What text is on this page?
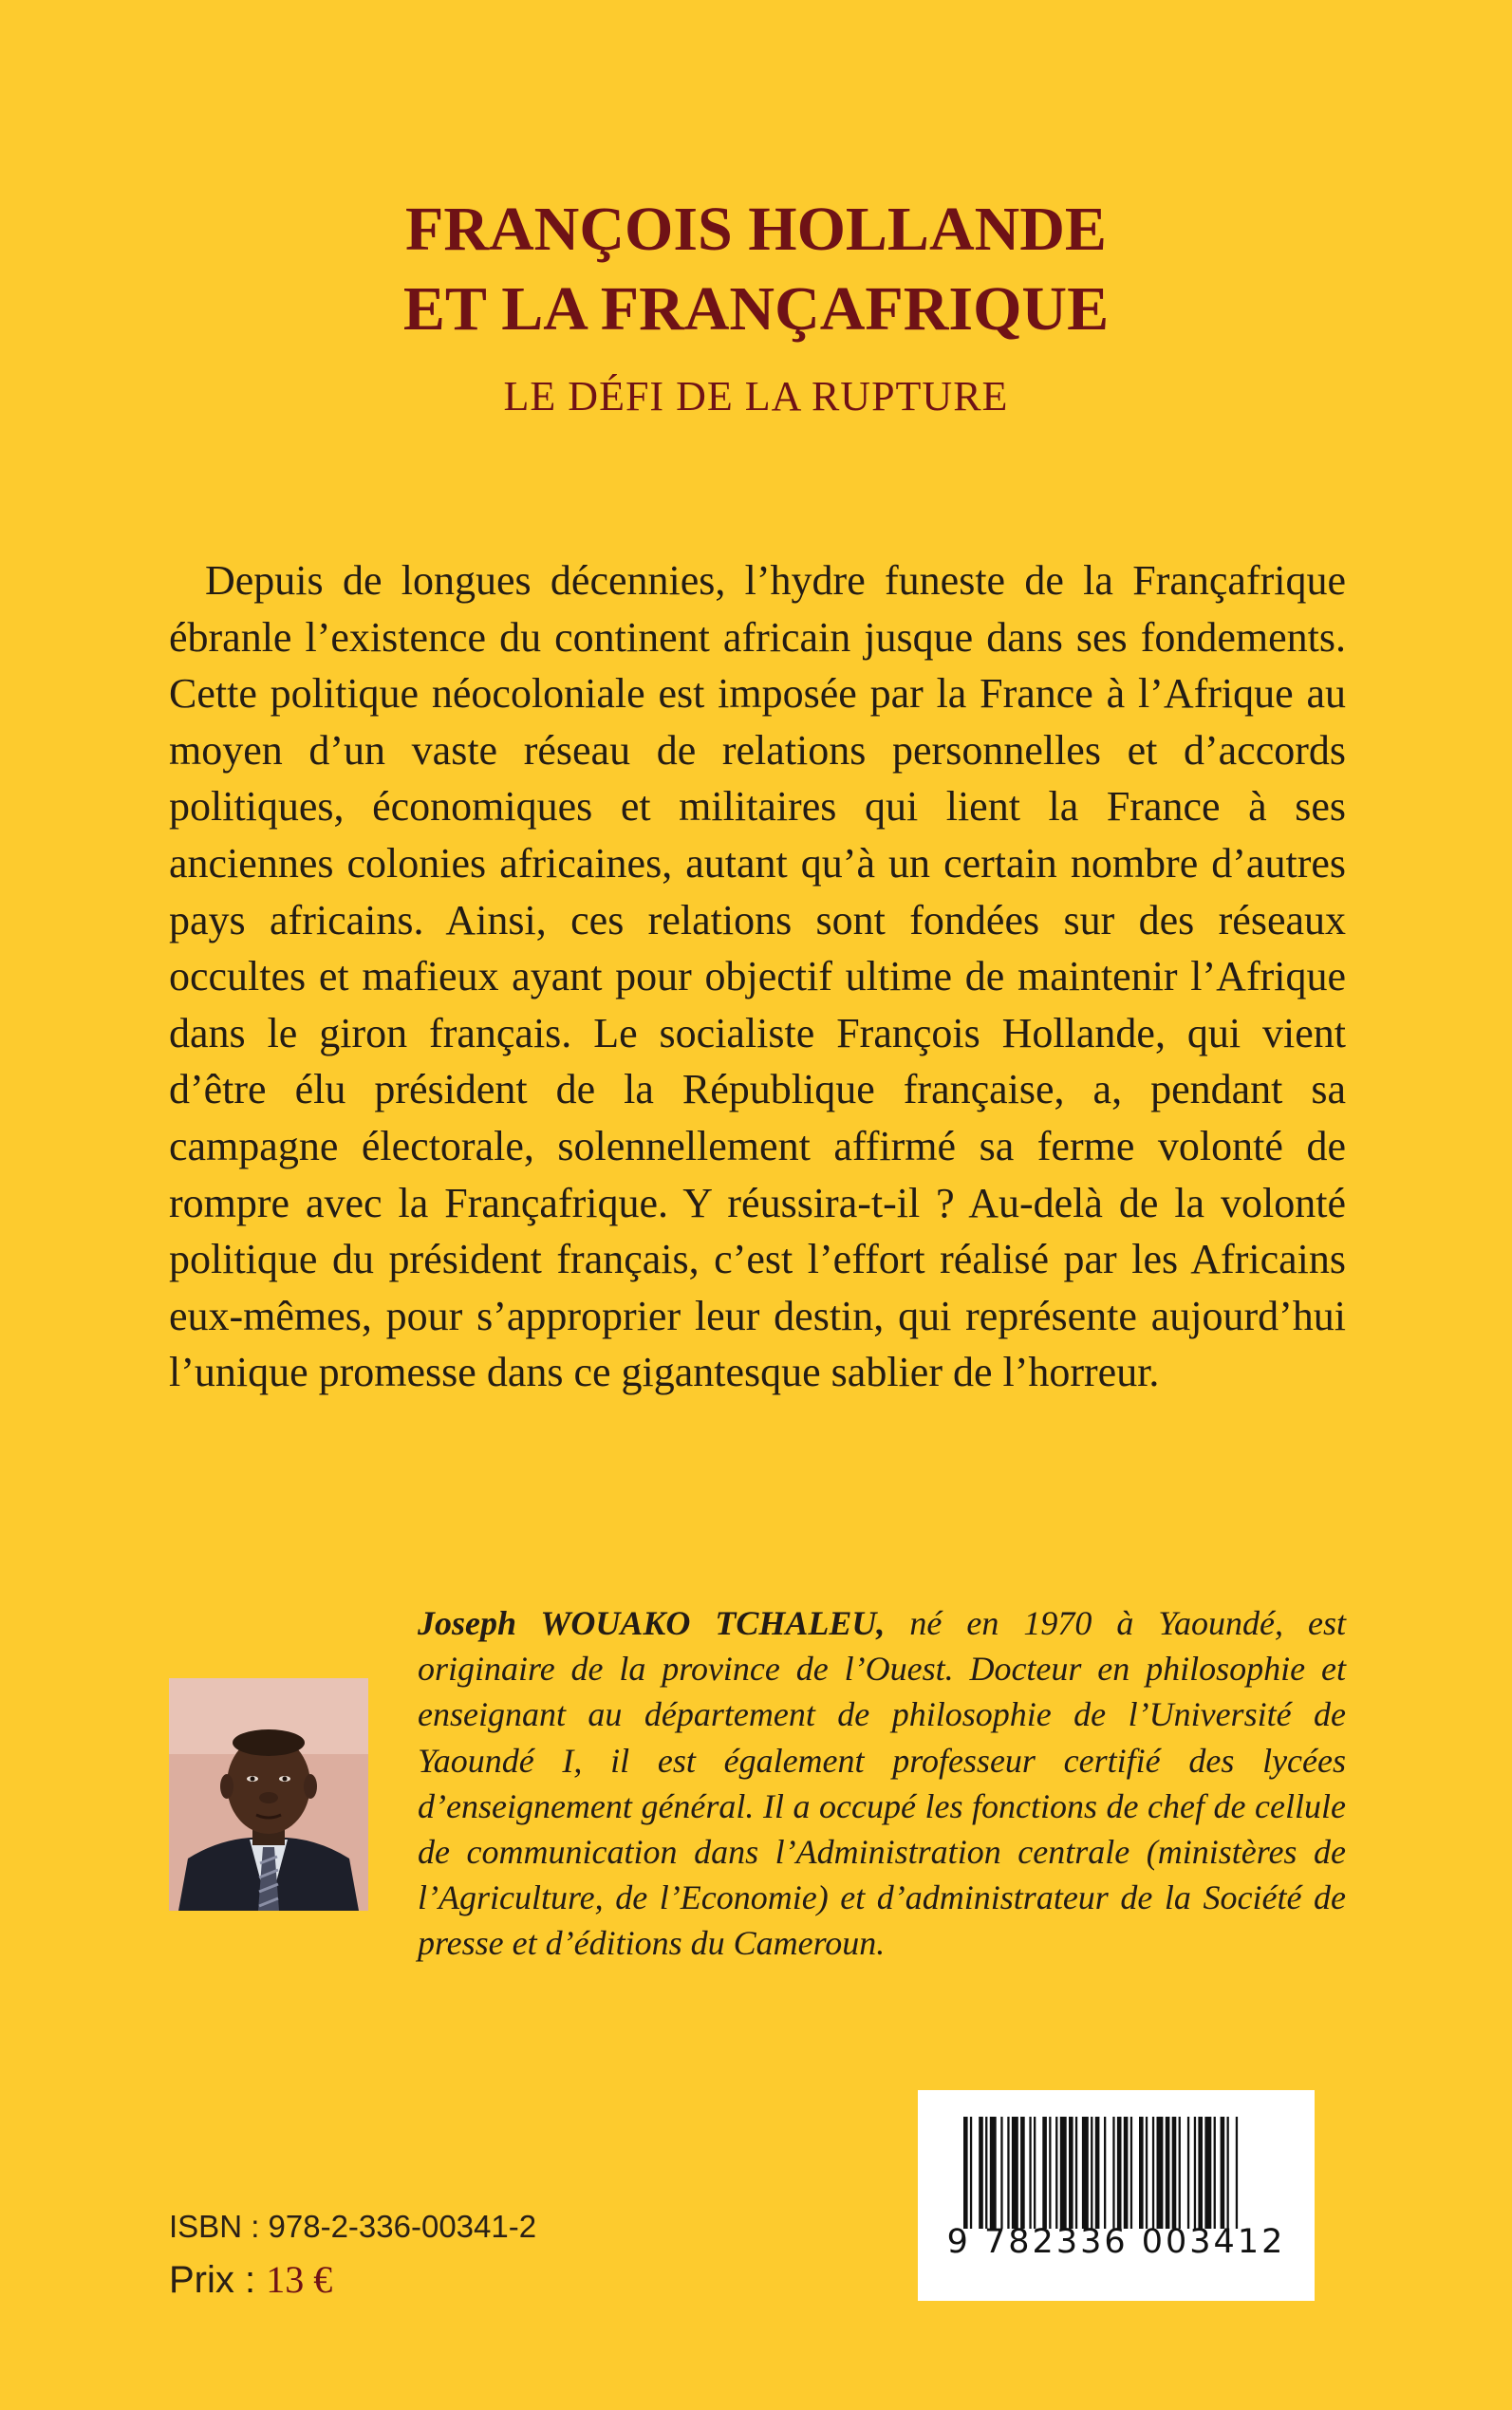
FRANÇOIS HOLLANDE
ET LA FRANÇAFRIQUE
LE DÉFI DE LA RUPTURE

Depuis de longues décennies, l’hydre funeste de la Françafrique ébranle l’existence du continent africain jusque dans ses fondements. Cette politique néocoloniale est imposée par la France à l’Afrique au moyen d’un vaste réseau de relations personnelles et d’accords politiques, économiques et militaires qui lient la France à ses anciennes colonies africaines, autant qu’à un certain nombre d’autres pays africains. Ainsi, ces relations sont fondées sur des réseaux occultes et mafieux ayant pour objectif ultime de maintenir l’Afrique dans le giron français. Le socialiste François Hollande, qui vient d’être élu président de la République française, a, pendant sa campagne électorale, solennellement affirmé sa ferme volonté de rompre avec la Françafrique. Y réussira-t-il ? Au-delà de la volonté politique du président français, c’est l’effort réalisé par les Africains eux-mêmes, pour s’approprier leur destin, qui représente aujourd’hui l’unique promesse dans ce gigantesque sablier de l’horreur.

Joseph WOUAKO TCHALEU, né en 1970 à Yaoundé, est originaire de la province de l’Ouest. Docteur en philosophie et enseignant au département de philosophie de l’Université de Yaoundé I, il est également professeur certifié des lycées d’enseignement général. Il a occupé les fonctions de chef de cellule de communication dans l’Administration centrale (ministères de l’Agriculture, de l’Economie) et d’administrateur de la Société de presse et d’éditions du Cameroun.

9 782336 003412
ISBN : 978-2-336-00341-2
Prix : 13 €
